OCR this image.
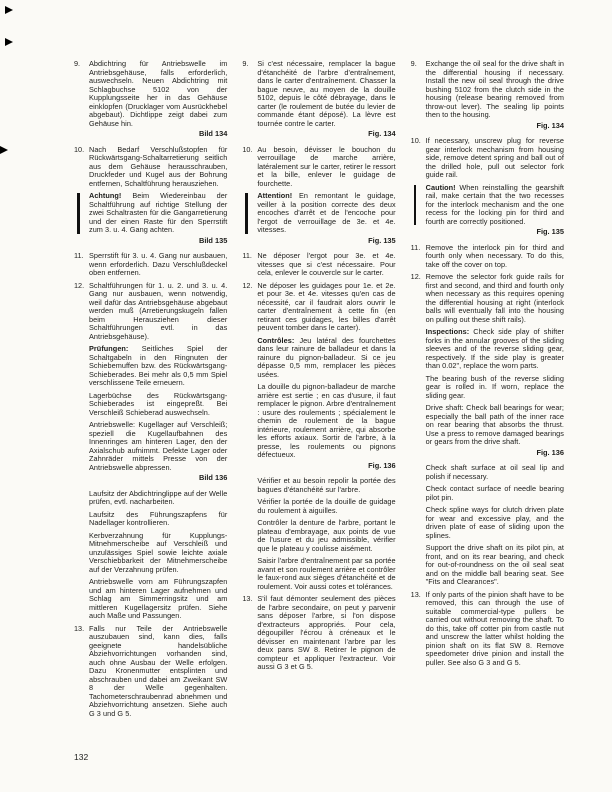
9.	Abdichtring für Antriebswelle im Antriebsgehäuse, falls erforderlich, auswechseln. Neuen Abdichtring mit Schlagbuchse 5102 von der Kupplungsseite her in das Gehäuse einklopfen (Drucklager vom Ausrückhebel abgebaut). Dichtlippe zeigt dabei zum Gehäuse hin.

Bild 134
10. Nach Bedarf Verschlußstopfen für Rückwärtsgang-Schaltarretierung seitlich aus dem Gehäuse herausschrauben, Druckfeder und Kugel aus der Bohrung entfernen, Schaltführung herausziehen.

Achtung! Beim Wiedereinbau der Schaltführung auf richtige Stellung der zwei Schaltrasten für die Gangarretierung und der einen Raste für den Sperrstift zum 3. u. 4. Gang achten.

Bild 135
11. Sperrstift für 3. u. 4. Gang nur ausbauen, wenn erforderlich. Dazu Verschlußdeckel oben entfernen.

12. Schaltführungen für 1. u. 2. und 3. u. 4. Gang nur ausbauen, wenn notwendig, weil dafür das Antriebsgehäuse abgebaut werden muß (Arretierungskugeln fallen beim Herausziehen dieser Schaltführungen evtl. in das Antriebsgehäuse).

Prüfungen: Seitliches Spiel der Schaltgabeln in den Ringnuten der Schiebemuffen bzw. des Rückwärtsgang-Schieberades. Bei mehr als 0,5 mm Spiel verschlissene Teile erneuern.

Lagerbüchse des Rückwärtsgang-Schieberades ist eingepreßt. Bei Verschleiß Schieberad auswechseln.

Antriebswelle: Kugellager auf Verschleiß; speziell die Kugellaufbahnen des Innenringes am hinteren Lager, den der Axialschub aufnimmt. Defekte Lager oder Zahnräder mittels Presse von der Antriebswelle abpressen.

Bild 136

Laufsitz der Abdichtringlippe auf der Welle prüfen, evtl. nacharbeiten.

Laufsitz des Führungszapfens für Nadellager kontrollieren.

Kerbverzahnung für Kupplungs-Mitnehmerscheibe auf Verschleiß und unzulässiges Spiel sowie leichte axiale Verschiebbarkeit der Mitnehmerscheibe auf der Verzahnung prüfen.

Antriebswelle vorn am Führungszapfen und am hinteren Lager aufnehmen und Schlag am Simmerringsitz und am mittleren Kugellagersitz prüfen. Siehe auch Maße und Passungen.

13. Falls nur Teile der Antriebswelle auszubauen sind, kann dies, falls geeignete handelsübliche Abziehvorrichtungen vorhanden sind, auch ohne Ausbau der Welle erfolgen. Dazu Kronenmutter entsplinten und abschrauben und dabei am Zweikant SW 8 der Welle gegenhalten. Tachometerschraubenrad abnehmen und Abziehvorrichtung ansetzen. Siehe auch G 3 und G 5.

9.	Si c'est nécessaire, remplacer la bague d'étanchéité de l'arbre d'entraînement, dans le carter d'entraînement. Chasser la bague neuve, au moyen de la douille 5102, depuis le côté débrayage, dans le carter (le roulement de butée du levier de commande étant déposé). La lèvre est tournée contre le carter.

Fig. 134
10. Au besoin, dévisser le bouchon du verrouillage de marche arrière, latéralement sur le carter, retirer le ressort et la bille, enlever le guidage de fourchette.

Attention! En remontant le guidage, veiller à la position correcte des deux encoches d'arrêt et de l'encoche pour l'ergot de verrouillage de 3e. et 4e. vitesses.

Fig. 135
11. Ne déposer l'ergot pour 3e. et 4e. vitesses que si c'est nécessaire. Pour cela, enlever le couvercle sur le carter.

12. Ne déposer les guidages pour 1e. et 2e. et pour 3e. et 4e. vitesses qu'en cas de nécessité, car il faudrait alors ouvrir le carter d'entraînement à cette fin (en retirant ces guidages, les billes d'arrêt peuvent tomber dans le carter).

Contrôles: Jeu latéral des fourchettes dans leur rainure de balladeur et dans la rainure du pignon-balladeur. Si ce jeu dépasse 0,5 mm, remplacer les pièces usées.

La douille du pignon-balladeur de marche arrière est sertie ; en cas d'usure, il faut remplacer le pignon. Arbre d'entraînement : usure des roulements ; spécialement le chemin de roulement de la bague intérieure, roulement arrière, qui absorbe les efforts axiaux. Sortir de l'arbre, à la presse, les roulements ou pignons défectueux.

Fig. 136

Vérifier et au besoin repolir la portée des bagues d'étanchéité sur l'arbre.

Vérifier la portée de la douille de guidage du roulement à aiguilles.

Contrôler la denture de l'arbre, portant le plateau d'embrayage, aux points de vue de l'usure et du jeu admissible, vérifier que le plateau y coulisse aisément.

Saisir l'arbre d'entraînement par sa portée avant et son roulement arrière et contrôler le faux-rond aux sièges d'étanchéité et de roulement. Voir aussi cotes et tolérances.

13. S'il faut démonter seulement des pièces de l'arbre secondaire, on peut y parvenir sans déposer l'arbre, si l'on dispose d'extracteurs appropriés. Pour cela, dégoupiller l'écrou à créneaux et le dévisser en maintenant l'arbre par les deux pans SW 8. Retirer le pignon de compteur et appliquer l'extracteur. Voir aussi G 3 et G 5.

9.	Exchange the oil seal for the drive shaft in the differential housing if necessary. Install the new oil seal through the drive bushing 5102 from the clutch side in the housing (release bearing removed from throw-out lever). The sealing lip points then to the housing.

Fig. 134
10. If necessary, unscrew plug for reverse gear interlock mechanism from housing side, remove detent spring and ball out of the drilled hole, pull out selector fork guide rail.

Caution! When reinstalling the gearshift rail, make certain that the two recesses for the interlock mechanism and the one recess for the locking pin for third and fourth are correctly positioned.

Fig. 135
11. Remove the interlock pin for third and fourth only when necessary. To do this, take off the cover on top.

12. Remove the selector fork guide rails for first and second, and third and fourth only when necessary as this requires opening the differential housing at right (interlock balls will eventually fall into the housing on pulling out these shift rails).

Inspections: Check side play of shifter forks in the annular grooves of the sliding sleeves and of the reverse sliding gear, respectively. If the side play is greater than 0.02", replace the worn parts.

The bearing bush of the reverse sliding gear is rolled in. If worn, replace the sliding gear.

Drive shaft: Check ball bearings for wear; especially the ball path of the inner race on rear bearing that absorbs the thrust. Use a press to remove damaged bearings or gears from the drive shaft.

Fig. 136

Check shaft surface at oil seal lip and polish if necessary.

Check contact surface of needle bearing pilot pin.

Check spline ways for clutch driven plate for wear and excessive play, and the driven plate of ease of sliding upon the splines.

Support the drive shaft on its pilot pin, at front, and on its rear bearing, and check for out-of-roundness on the oil seal seat and on the middle ball bearing seat. See "Fits and Clearances".

13. If only parts of the pinion shaft have to be removed, this can through the use of suitable commercial-type pullers be carried out without removing the shaft. To do this, take off cotter pin from castle nut and unscrew the latter whilst holding the pinion shaft on its flat SW 8. Remove speedometer drive pinion and install the puller. See also G 3 and G 5.

132
